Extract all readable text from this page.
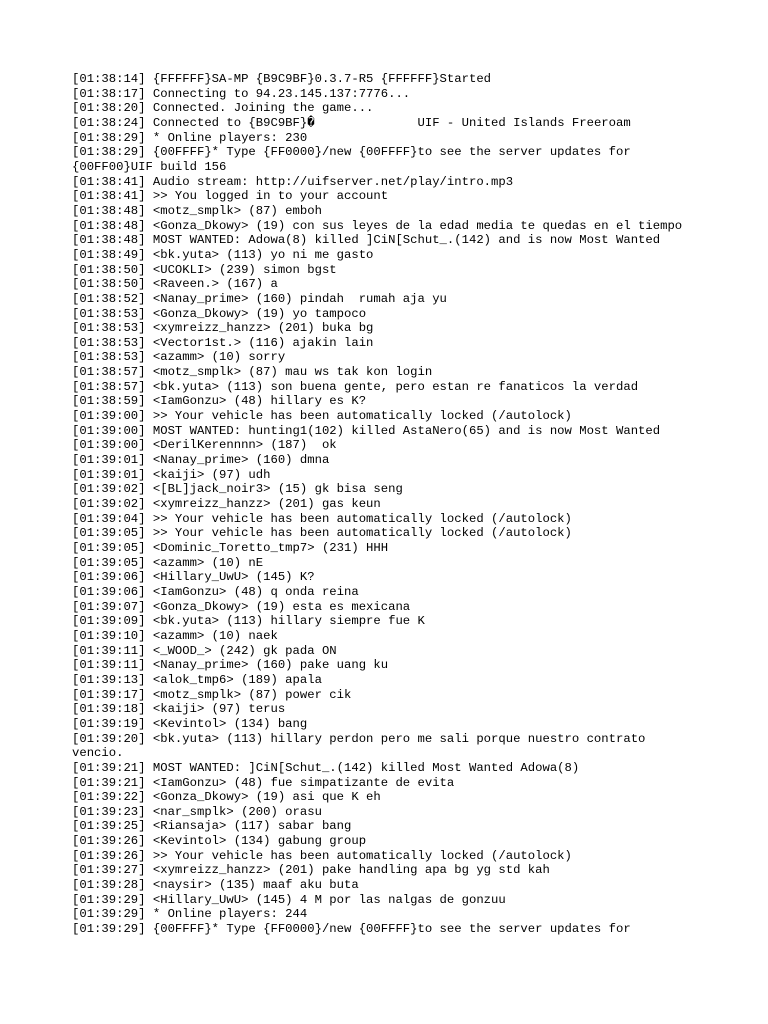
[01:38:14] {FFFFFF}SA-MP {B9C9BF}0.3.7-R5 {FFFFFF}Started
[01:38:17] Connecting to 94.23.145.137:7776...
[01:38:20] Connected. Joining the game...
[01:38:24] Connected to {B9C9BF}�              UIF - United Islands Freeroam
[01:38:29] * Online players: 230
[01:38:29] {00FFFF}* Type {FF0000}/new {00FFFF}to see the server updates for
{00FF00}UIF build 156
[01:38:41] Audio stream: http://uifserver.net/play/intro.mp3
[01:38:41] >> You logged in to your account
[01:38:48] <motz_smplk> (87) emboh
[01:38:48] <Gonza_Dkowy> (19) con sus leyes de la edad media te quedas en el tiempo
[01:38:48] MOST WANTED: Adowa(8) killed ]CiN[Schut_.(142) and is now Most Wanted
[01:38:49] <bk.yuta> (113) yo ni me gasto
[01:38:50] <UCOKLI> (239) simon bgst
[01:38:50] <Raveen.> (167) a
[01:38:52] <Nanay_prime> (160) pindah  rumah aja yu
[01:38:53] <Gonza_Dkowy> (19) yo tampoco
[01:38:53] <xymreizz_hanzz> (201) buka bg
[01:38:53] <Vector1st.> (116) ajakin lain
[01:38:53] <azamm> (10) sorry
[01:38:57] <motz_smplk> (87) mau ws tak kon login
[01:38:57] <bk.yuta> (113) son buena gente, pero estan re fanaticos la verdad
[01:38:59] <IamGonzu> (48) hillary es K?
[01:39:00] >> Your vehicle has been automatically locked (/autolock)
[01:39:00] MOST WANTED: hunting1(102) killed AstaNero(65) and is now Most Wanted
[01:39:00] <DerilKerennnn> (187)  ok
[01:39:01] <Nanay_prime> (160) dmna
[01:39:01] <kaiji> (97) udh
[01:39:02] <[BL]jack_noir3> (15) gk bisa seng
[01:39:02] <xymreizz_hanzz> (201) gas keun
[01:39:04] >> Your vehicle has been automatically locked (/autolock)
[01:39:05] >> Your vehicle has been automatically locked (/autolock)
[01:39:05] <Dominic_Toretto_tmp7> (231) HHH
[01:39:05] <azamm> (10) nE
[01:39:06] <Hillary_UwU> (145) K?
[01:39:06] <IamGonzu> (48) q onda reina
[01:39:07] <Gonza_Dkowy> (19) esta es mexicana
[01:39:09] <bk.yuta> (113) hillary siempre fue K
[01:39:10] <azamm> (10) naek
[01:39:11] <_WOOD_> (242) gk pada ON
[01:39:11] <Nanay_prime> (160) pake uang ku
[01:39:13] <alok_tmp6> (189) apala
[01:39:17] <motz_smplk> (87) power cik
[01:39:18] <kaiji> (97) terus
[01:39:19] <Kevintol> (134) bang
[01:39:20] <bk.yuta> (113) hillary perdon pero me sali porque nuestro contrato
vencio.
[01:39:21] MOST WANTED: ]CiN[Schut_.(142) killed Most Wanted Adowa(8)
[01:39:21] <IamGonzu> (48) fue simpatizante de evita
[01:39:22] <Gonza_Dkowy> (19) asi que K eh
[01:39:23] <nar_smplk> (200) orasu
[01:39:25] <Riansaja> (117) sabar bang
[01:39:26] <Kevintol> (134) gabung group
[01:39:26] >> Your vehicle has been automatically locked (/autolock)
[01:39:27] <xymreizz_hanzz> (201) pake handling apa bg yg std kah
[01:39:28] <naysir> (135) maaf aku buta
[01:39:29] <Hillary_UwU> (145) 4 M por las nalgas de gonzuu
[01:39:29] * Online players: 244
[01:39:29] {00FFFF}* Type {FF0000}/new {00FFFF}to see the server updates for
